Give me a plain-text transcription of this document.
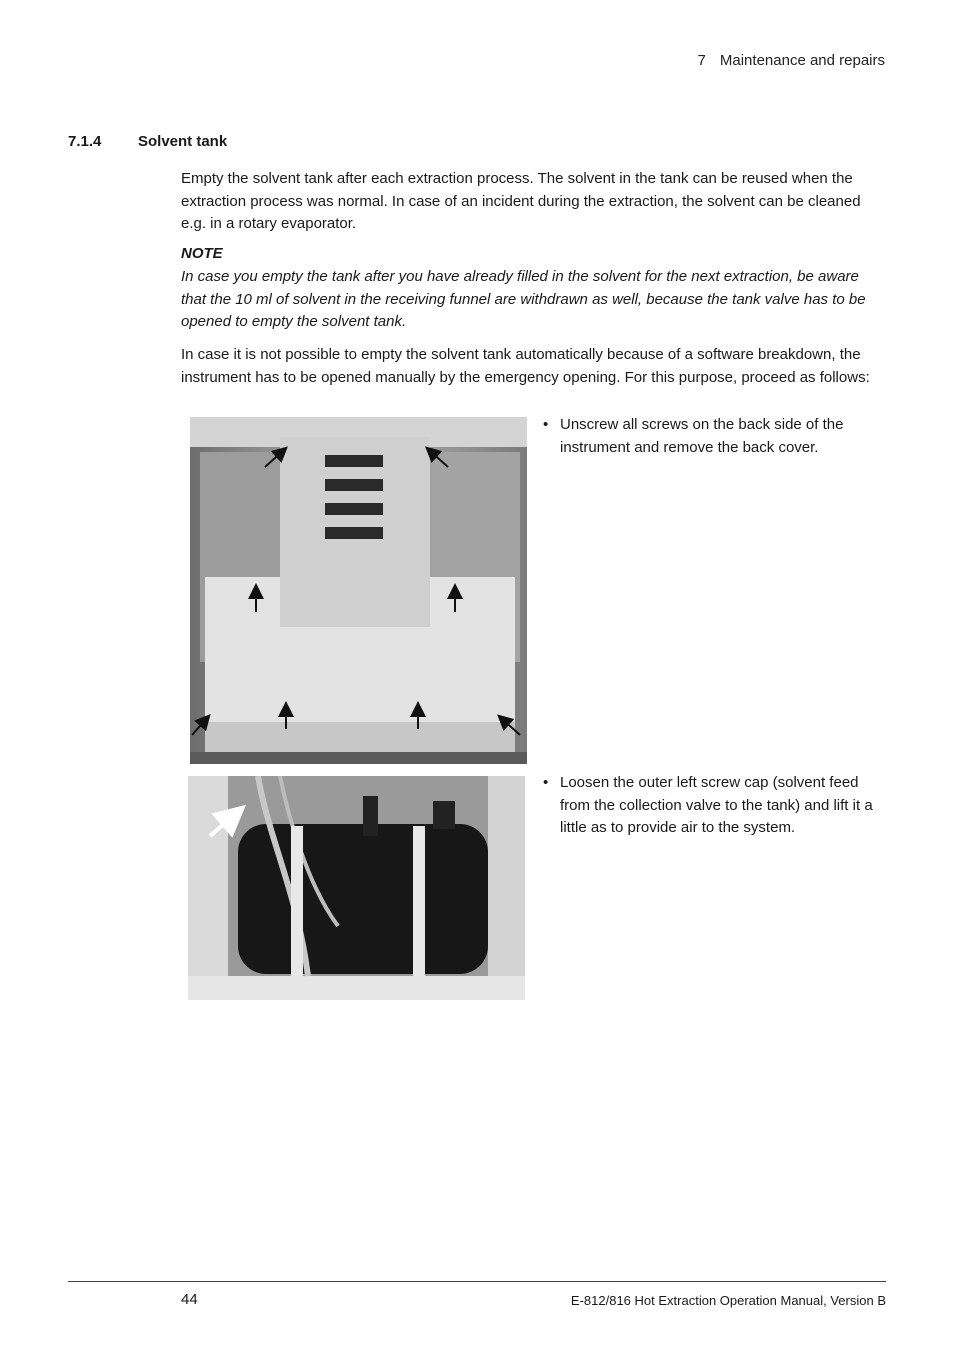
7 Maintenance and repairs
7.1.4 Solvent tank
Empty the solvent tank after each extraction process. The solvent in the tank can be reused when the extraction process was normal. In case of an incident during the extraction, the solvent can be cleaned e.g. in a rotary evaporator.
NOTE
In case you empty the tank after you have already filled in the solvent for the next extraction, be aware that the 10 ml of solvent in the receiving funnel are withdrawn as well, because the tank valve has to be opened to empty the solvent tank.
In case it is not possible to empty the solvent tank automatically because of a software breakdown, the instrument has to be opened manually by the emergency opening. For this purpose, proceed as follows:
• Unscrew all screws on the back side of the instrument and remove the back cover.
• Loosen the outer left screw cap (solvent feed from the collection valve to the tank) and lift it a little as to provide air to the system.
44	E-812/816 Hot Extraction Operation Manual, Version B
